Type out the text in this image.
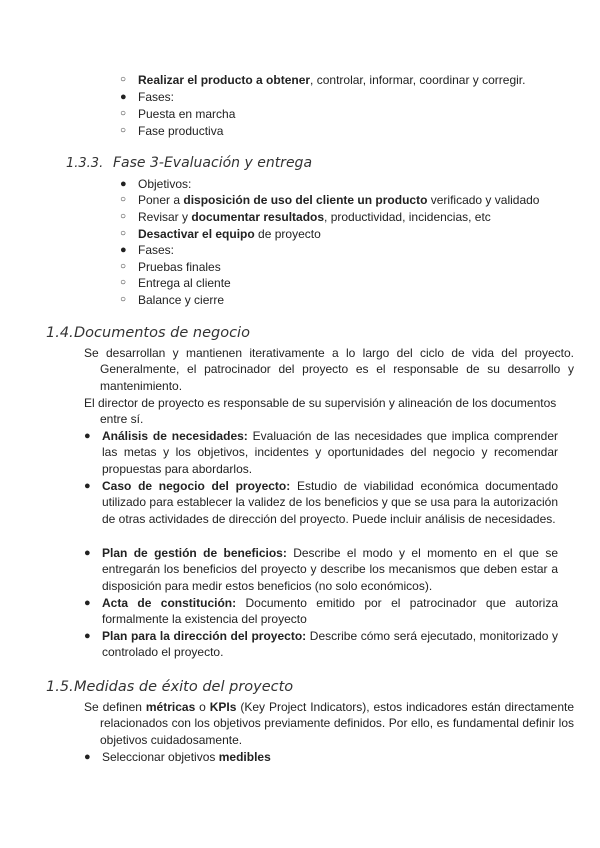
○ Realizar el producto a obtener, controlar, informar, coordinar y corregir.
● Fases:
○ Puesta en marcha
○ Fase productiva
1.3.3. Fase 3-Evaluación y entrega
● Objetivos:
○ Poner a disposición de uso del cliente un producto verificado y validado
○ Revisar y documentar resultados, productividad, incidencias, etc
○ Desactivar el equipo de proyecto
● Fases:
○ Pruebas finales
○ Entrega al cliente
○ Balance y cierre
1.4.Documentos de negocio
Se desarrollan y mantienen iterativamente a lo largo del ciclo de vida del proyecto. Generalmente, el patrocinador del proyecto es el responsable de su desarrollo y mantenimiento.
El director de proyecto es responsable de su supervisión y alineación de los documentos entre sí.
● Análisis de necesidades: Evaluación de las necesidades que implica comprender las metas y los objetivos, incidentes y oportunidades del negocio y recomendar propuestas para abordarlos.
● Caso de negocio del proyecto: Estudio de viabilidad económica documentado utilizado para establecer la validez de los beneficios y que se usa para la autorización de otras actividades de dirección del proyecto. Puede incluir análisis de necesidades.
● Plan de gestión de beneficios: Describe el modo y el momento en el que se entregarán los beneficios del proyecto y describe los mecanismos que deben estar a disposición para medir estos beneficios (no solo económicos).
● Acta de constitución: Documento emitido por el patrocinador que autoriza formalmente la existencia del proyecto
● Plan para la dirección del proyecto: Describe cómo será ejecutado, monitorizado y controlado el proyecto.
1.5.Medidas de éxito del proyecto
Se definen métricas o KPIs (Key Project Indicators), estos indicadores están directamente relacionados con los objetivos previamente definidos. Por ello, es fundamental definir los objetivos cuidadosamente.
● Seleccionar objetivos medibles
